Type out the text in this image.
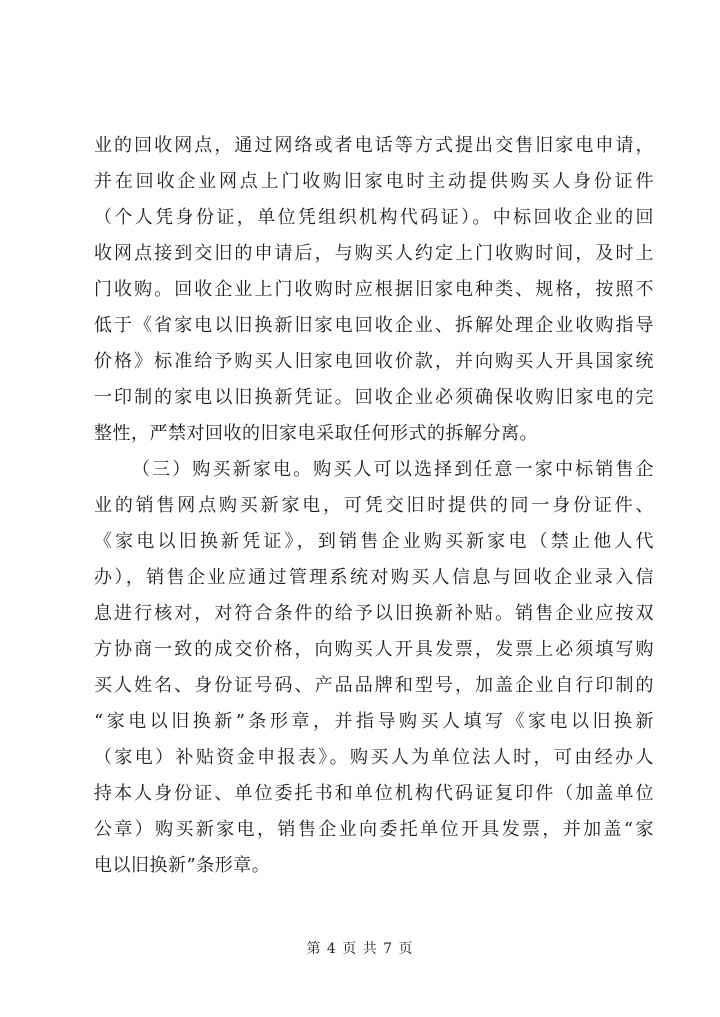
业的回收网点，通过网络或者电话等方式提出交售旧家电申请，
并在回收企业网点上门收购旧家电时主动提供购买人身份证件
（个人凭身份证，单位凭组织机构代码证）。中标回收企业的回
收网点接到交旧的申请后，与购买人约定上门收购时间，及时上
门收购。回收企业上门收购时应根据旧家电种类、规格，按照不
低于《省家电以旧换新旧家电回收企业、拆解处理企业收购指导
价格》标准给予购买人旧家电回收价款，并向购买人开具国家统
一印制的家电以旧换新凭证。回收企业必须确保收购旧家电的完
整性，严禁对回收的旧家电采取任何形式的拆解分离。
（三）购买新家电。购买人可以选择到任意一家中标销售企
业的销售网点购买新家电，可凭交旧时提供的同一身份证件、
《家电以旧换新凭证》，到销售企业购买新家电（禁止他人代
办），销售企业应通过管理系统对购买人信息与回收企业录入信
息进行核对，对符合条件的给予以旧换新补贴。销售企业应按双
方协商一致的成交价格，向购买人开具发票，发票上必须填写购
买人姓名、身份证号码、产品品牌和型号，加盖企业自行印制的
“家电以旧换新”条形章，并指导购买人填写《家电以旧换新
（家电）补贴资金申报表》。购买人为单位法人时，可由经办人
持本人身份证、单位委托书和单位机构代码证复印件（加盖单位
公章）购买新家电，销售企业向委托单位开具发票，并加盖“家
电以旧换新”条形章。
第 4 页 共 7 页
